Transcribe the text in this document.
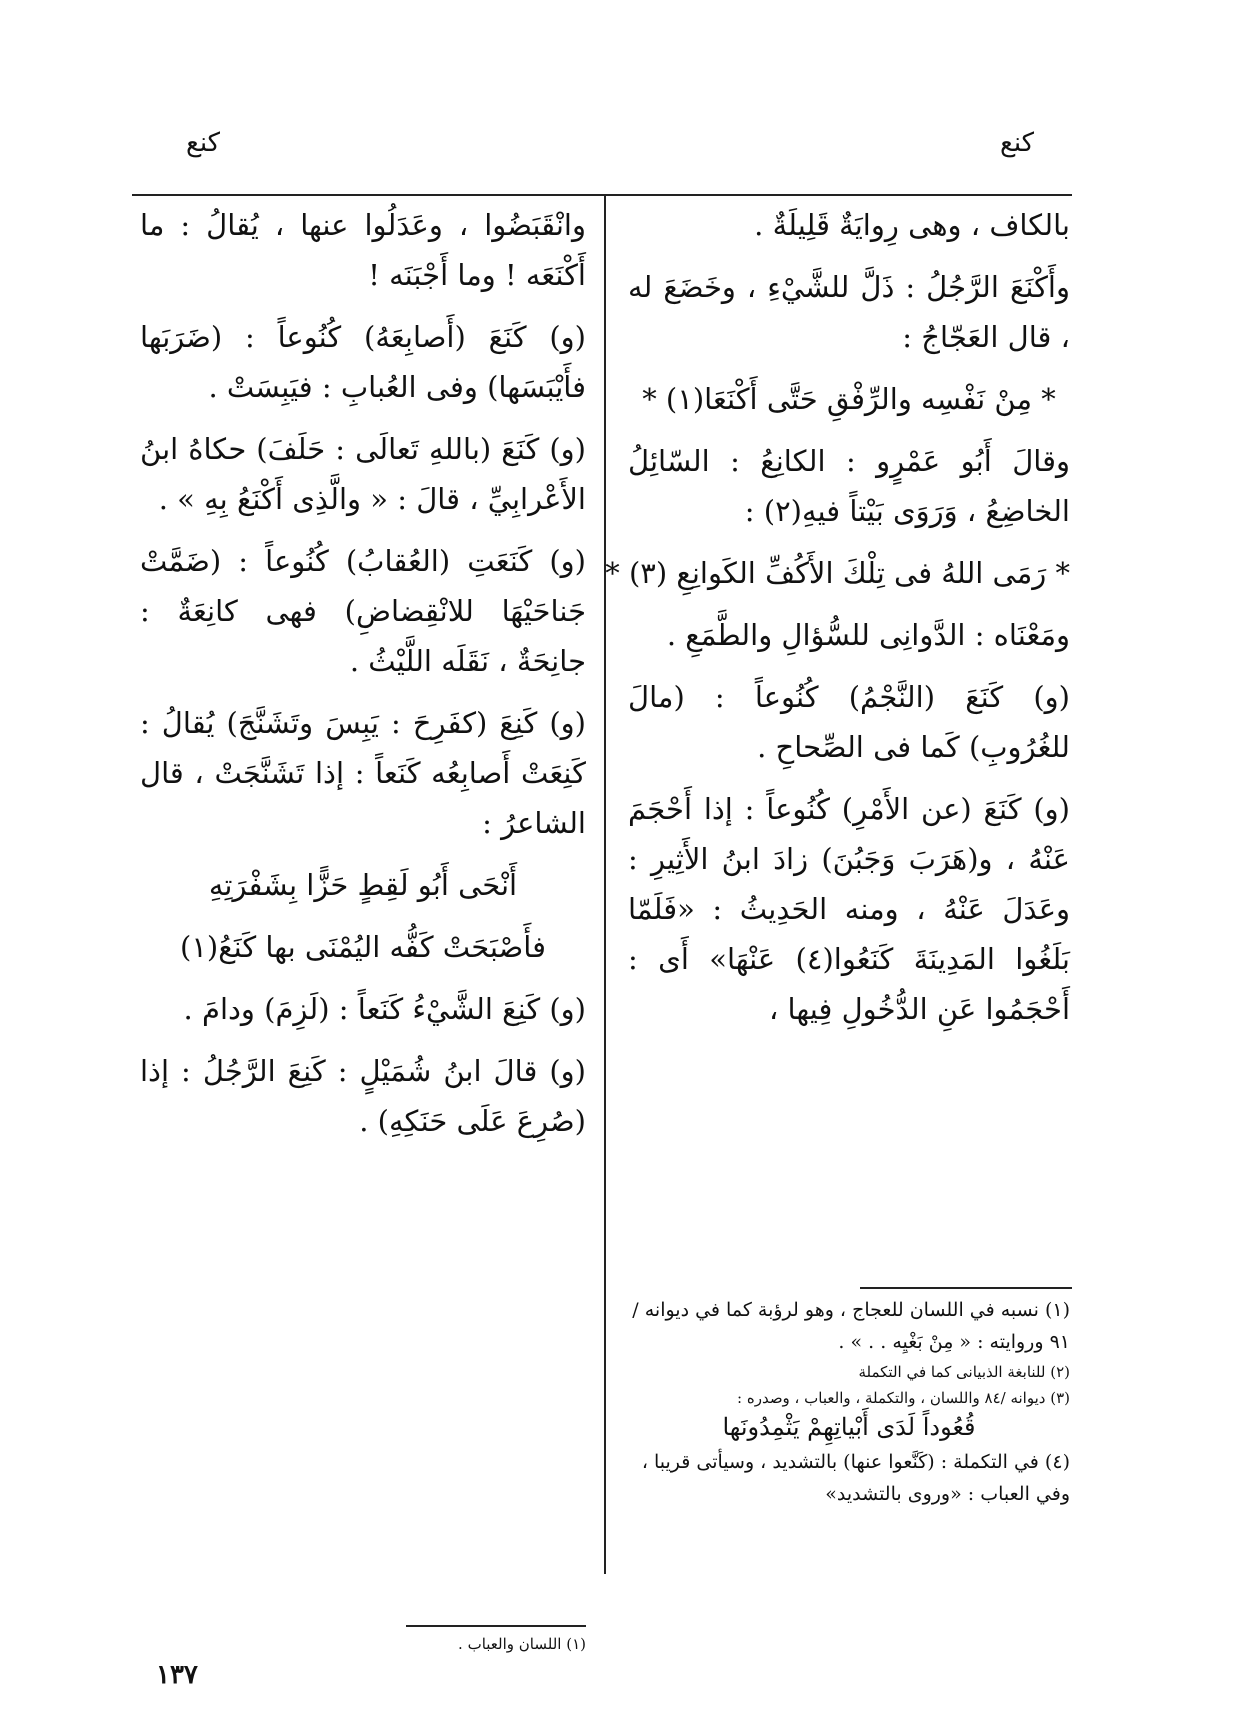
كنع
كنع

بالكاف ، وهى رِوايَةٌ قَلِيلَةٌ .

وأَكْنَعَ الرَّجُلُ : ذَلَّ للشَّيْءِ ، وخَضَعَ له ، قال العَجّاجُ :

* مِنْ نَفْسِه والرِّفْقِ حَتَّى أَكْنَعَا(١) *

وقالَ أَبُو عَمْرٍو : الكانِعُ : السّائِلُ الخاضِعُ ، وَرَوَى بَيْتاً فيهِ(٢) :

* رَمَى اللهُ فى تِلْكَ الأَكُفِّ الكَوانِعِ (٣) *

ومَعْنَاه : الدَّوانِى للسُّؤالِ والطَّمَعِ .

(و) كَنَعَ (النَّجْمُ) كُنُوعاً : (مالَ للغُرُوبِ) كَما فى الصِّحاحِ .

(و) كَنَعَ (عن الأَمْرِ) كُنُوعاً : إذا أَحْجَمَ عَنْهُ ، و(هَرَبَ وَجَبُنَ) زادَ ابنُ الأَثِيرِ : وعَدَلَ عَنْهُ ، ومنه الحَدِيثُ : «فَلَمّا بَلَغُوا المَدِينَةَ كَنَعُوا(٤) عَنْهَا» أَى : أَحْجَمُوا عَنِ الدُّخُولِ فِيها ،

(١) نسبه في اللسان للعجاج ، وهو لرؤبة كما في ديوانه /٩١ وروايته : « مِنْ بَغْيِه . . » .

(٢) للنابغة الذبيانى كما في التكملة

(٣) ديوانه /٨٤ واللسان ، والتكملة ، والعباب ، وصدره :

قُعُوداً لَدَى أَبْياتِهِمْ يَثْمِدُونَها

(٤) في التكملة : (كَنَّعوا عنها) بالتشديد ، وسيأتى قريبا ، وفي العباب : «وروى بالتشديد»

وانْقَبَضُوا ، وعَدَلُوا عنها ، يُقالُ : ما أَكْنَعَه ! وما أَجْبَنَه !

(و) كَنَعَ (أَصابِعَهُ) كُنُوعاً : (ضَرَبَها فأَيْبَسَها) وفى العُبابِ : فيَبِسَتْ .

(و) كَنَعَ (باللهِ تَعالَى : حَلَفَ) حكاهُ ابنُ الأَعْرابِيِّ ، قالَ : « والَّذِى أَكْنَعُ بِهِ » .

(و) كَنَعَتِ (العُقابُ) كُنُوعاً : (ضَمَّتْ جَناحَيْهَا للانْقِضاضِ) فهى كانِعَةٌ : جانِحَةٌ ، نَقَلَه اللَّيْثُ .

(و) كَنِعَ (كفَرِحَ : يَبِسَ وتَشَنَّجَ) يُقالُ : كَنِعَتْ أَصابِعُه كَنَعاً : إذا تَشَنَّجَتْ ، قال الشاعرُ :

أَنْحَى أَبُو لَقِطٍ حَزًّا بِشَفْرَتِهِ

فأَصْبَحَتْ كَفُّه اليُمْنَى بها كَنَعُ(١)

(و) كَنِعَ الشَّيْءُ كَنَعاً : (لَزِمَ) ودامَ .

(و) قالَ ابنُ شُمَيْلٍ : كَنِعَ الرَّجُلُ : إذا (صُرِعَ عَلَى حَنَكِهِ) .

(١) اللسان والعباب .

١٣٧
